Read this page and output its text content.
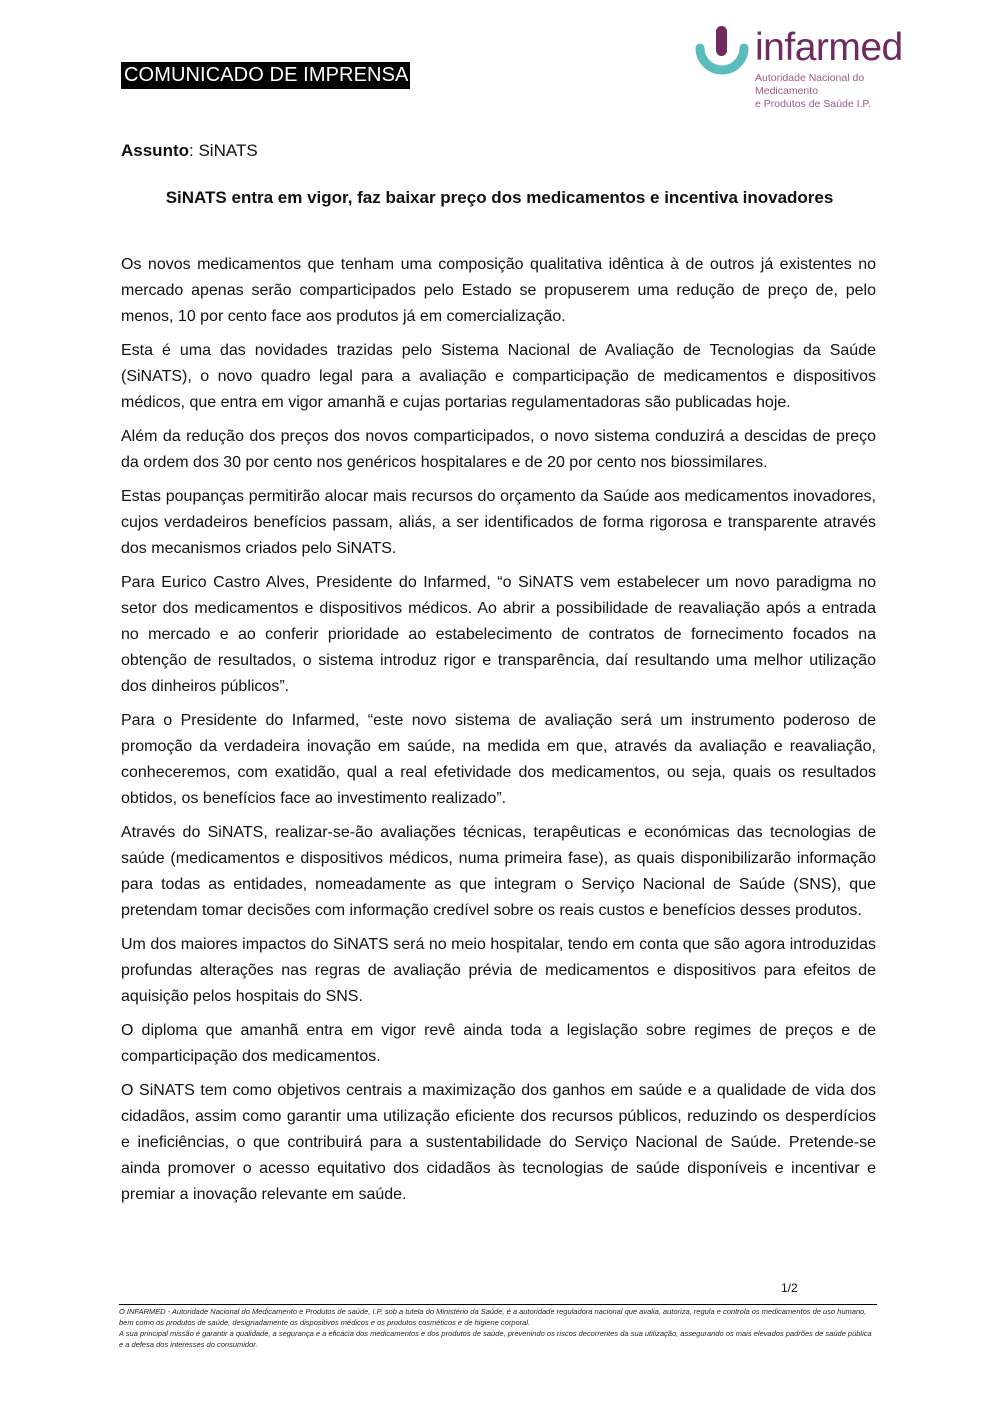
COMUNICADO DE IMPRENSA
infarmed
Autoridade Nacional do Medicamento
e Produtos de Saúde I.P.
Assunto: SiNATS
SiNATS entra em vigor, faz baixar preço dos medicamentos e incentiva inovadores

Os novos medicamentos que tenham uma composição qualitativa idêntica à de outros já existentes no mercado apenas serão comparticipados pelo Estado se propuserem uma redução de preço de, pelo menos, 10 por cento face aos produtos já em comercialização.

Esta é uma das novidades trazidas pelo Sistema Nacional de Avaliação de Tecnologias da Saúde (SiNATS), o novo quadro legal para a avaliação e comparticipação de medicamentos e dispositivos médicos, que entra em vigor amanhã e cujas portarias regulamentadoras são publicadas hoje.

Além da redução dos preços dos novos comparticipados, o novo sistema conduzirá a descidas de preço da ordem dos 30 por cento nos genéricos hospitalares e de 20 por cento nos biossimilares.

Estas poupanças permitirão alocar mais recursos do orçamento da Saúde aos medicamentos inovadores, cujos verdadeiros benefícios passam, aliás, a ser identificados de forma rigorosa e transparente através dos mecanismos criados pelo SiNATS.

Para Eurico Castro Alves, Presidente do Infarmed, “o SiNATS vem estabelecer um novo paradigma no setor dos medicamentos e dispositivos médicos. Ao abrir a possibilidade de reavaliação após a entrada no mercado e ao conferir prioridade ao estabelecimento de contratos de fornecimento focados na obtenção de resultados, o sistema introduz rigor e transparência, daí resultando uma melhor utilização dos dinheiros públicos”.

Para o Presidente do Infarmed, “este novo sistema de avaliação será um instrumento poderoso de promoção da verdadeira inovação em saúde, na medida em que, através da avaliação e reavaliação, conheceremos, com exatidão, qual a real efetividade dos medicamentos, ou seja, quais os resultados obtidos, os benefícios face ao investimento realizado”.

Através do SiNATS, realizar-se-ão avaliações técnicas, terapêuticas e económicas das tecnologias de saúde (medicamentos e dispositivos médicos, numa primeira fase), as quais disponibilizarão informação para todas as entidades, nomeadamente as que integram o Serviço Nacional de Saúde (SNS), que pretendam tomar decisões com informação credível sobre os reais custos e benefícios desses produtos.

Um dos maiores impactos do SiNATS será no meio hospitalar, tendo em conta que são agora introduzidas profundas alterações nas regras de avaliação prévia de medicamentos e dispositivos para efeitos de aquisição pelos hospitais do SNS.

O diploma que amanhã entra em vigor revê ainda toda a legislação sobre regimes de preços e de comparticipação dos medicamentos.

O SiNATS tem como objetivos centrais a maximização dos ganhos em saúde e a qualidade de vida dos cidadãos, assim como garantir uma utilização eficiente dos recursos públicos, reduzindo os desperdícios e ineficiências, o que contribuirá para a sustentabilidade do Serviço Nacional de Saúde. Pretende-se ainda promover o acesso equitativo dos cidadãos às tecnologias de saúde disponíveis e incentivar e premiar a inovação relevante em saúde.

1/2

O INFARMED - Autoridade Nacional do Medicamento e Produtos de saúde, I.P. sob a tutela do Ministério da Saúde, é a autoridade reguladora nacional que avalia, autoriza, regula e controla os medicamentos de uso humano, bem como os produtos de saúde, designadamente os dispositivos médicos e os produtos cosméticos e de higiene corporal.

A sua principal missão é garantir a qualidade, a segurança e a eficácia dos medicamentos e dos produtos de saúde, prevenindo os riscos decorrentes da sua utilização, assegurando os mais elevados padrões de saúde pública e a defesa dos interesses do consumidor.
